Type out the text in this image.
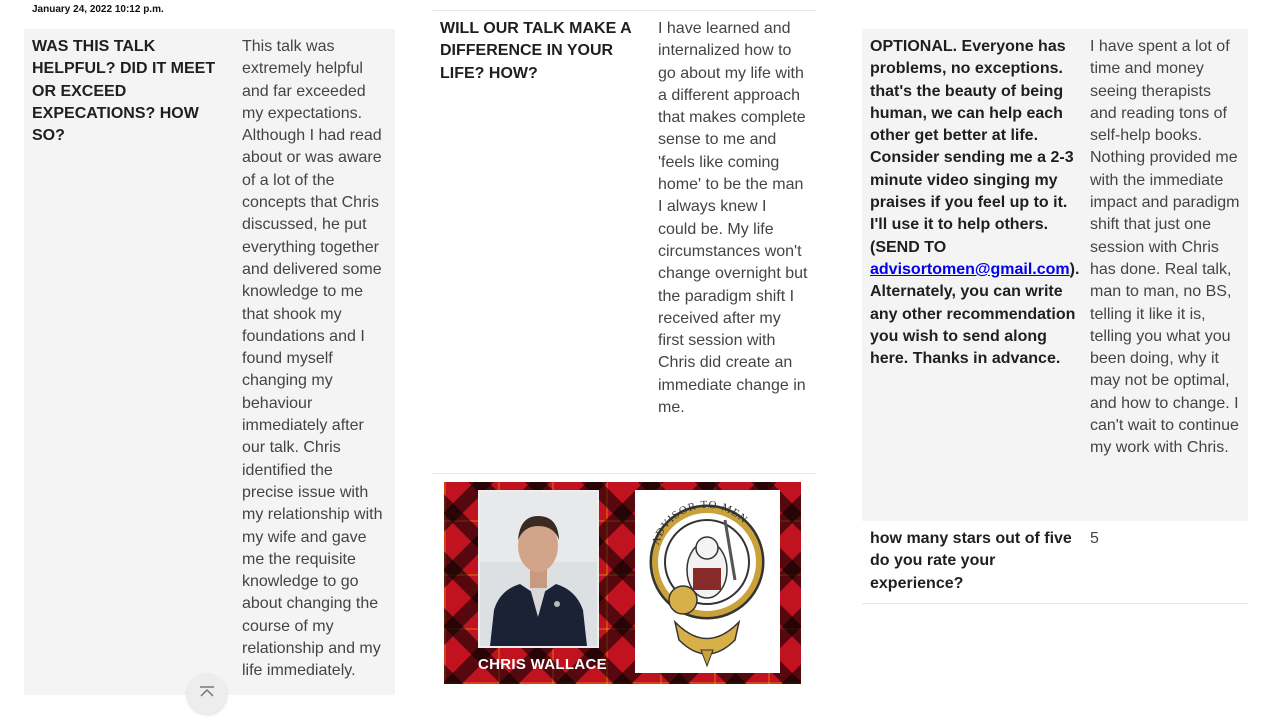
January 24, 2022 10:12 p.m.
WAS THIS TALK HELPFUL? DID IT MEET OR EXCEED EXPECATIONS? HOW SO?
This talk was extremely helpful and far exceeded my expectations. Although I had read about or was aware of a lot of the concepts that Chris discussed, he put everything together and delivered some knowledge to me that shook my foundations and I found myself changing my behaviour immediately after our talk. Chris identified the precise issue with my relationship with my wife and gave me the requisite knowledge to go about changing the course of my relationship and my life immediately.
WILL OUR TALK MAKE A DIFFERENCE IN YOUR LIFE? HOW?
I have learned and internalized how to go about my life with a different approach that makes complete sense to me and 'feels like coming home' to be the man I always knew I could be. My life circumstances won't change overnight but the paradigm shift I received after my first session with Chris did create an immediate change in me.
ADVISOR TO MEN
CHRIS WALLACE
OPTIONAL. Everyone has problems, no exceptions. that's the beauty of being human, we can help each other get better at life. Consider sending me a 2-3 minute video singing my praises if you feel up to it. I'll use it to help others. (SEND TO advisortomen@gmail.com). Alternately, you can write any other recommendation you wish to send along here. Thanks in advance.
I have spent a lot of time and money seeing therapists and reading tons of self-help books. Nothing provided me with the immediate impact and paradigm shift that just one session with Chris has done. Real talk, man to man, no BS, telling it like it is, telling you what you been doing, why it may not be optimal, and how to change. I can't wait to continue my work with Chris.
how many stars out of five do you rate your experience?
5
